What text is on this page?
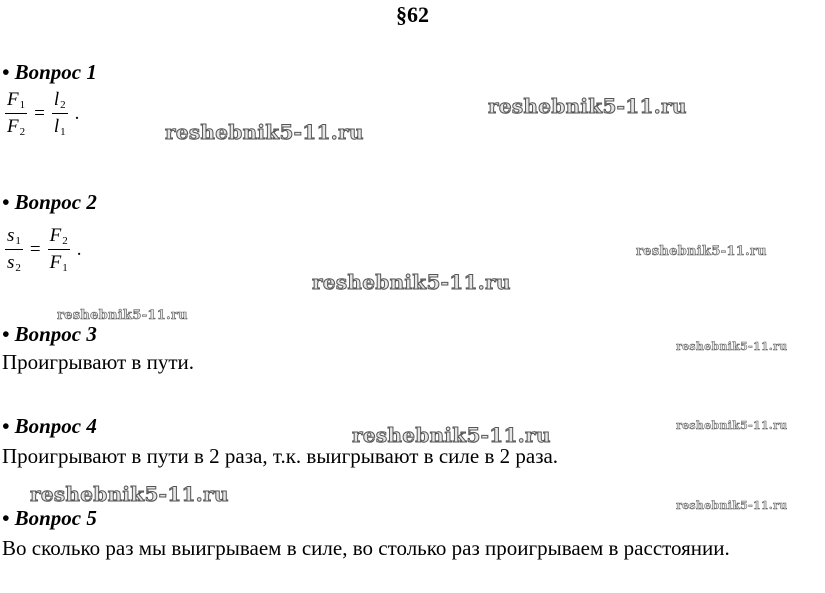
§62
• Вопрос 1
$\frac{F_1}{F_2} = \frac{l_2}{l_1}$ .
• Вопрос 2
$\frac{s_1}{s_2} = \frac{F_2}{F_1}$ .
• Вопрос 3
Проигрывают в пути.
• Вопрос 4
Проигрывают в пути в 2 раза, т.к. выигрывают в силе в 2 раза.
• Вопрос 5
Во сколько раз мы выигрываем в силе, во столько раз проигрываем в расстоянии.
reshebnik5-11.ru
reshebnik5-11.ru
reshebnik5-11.ru
reshebnik5-11.ru
reshebnik5-11.ru
reshebnik5-11.ru
reshebnik5-11.ru	reshebnik5-11.ru
reshebnik5-11.ru	reshebnik5-11.ru
